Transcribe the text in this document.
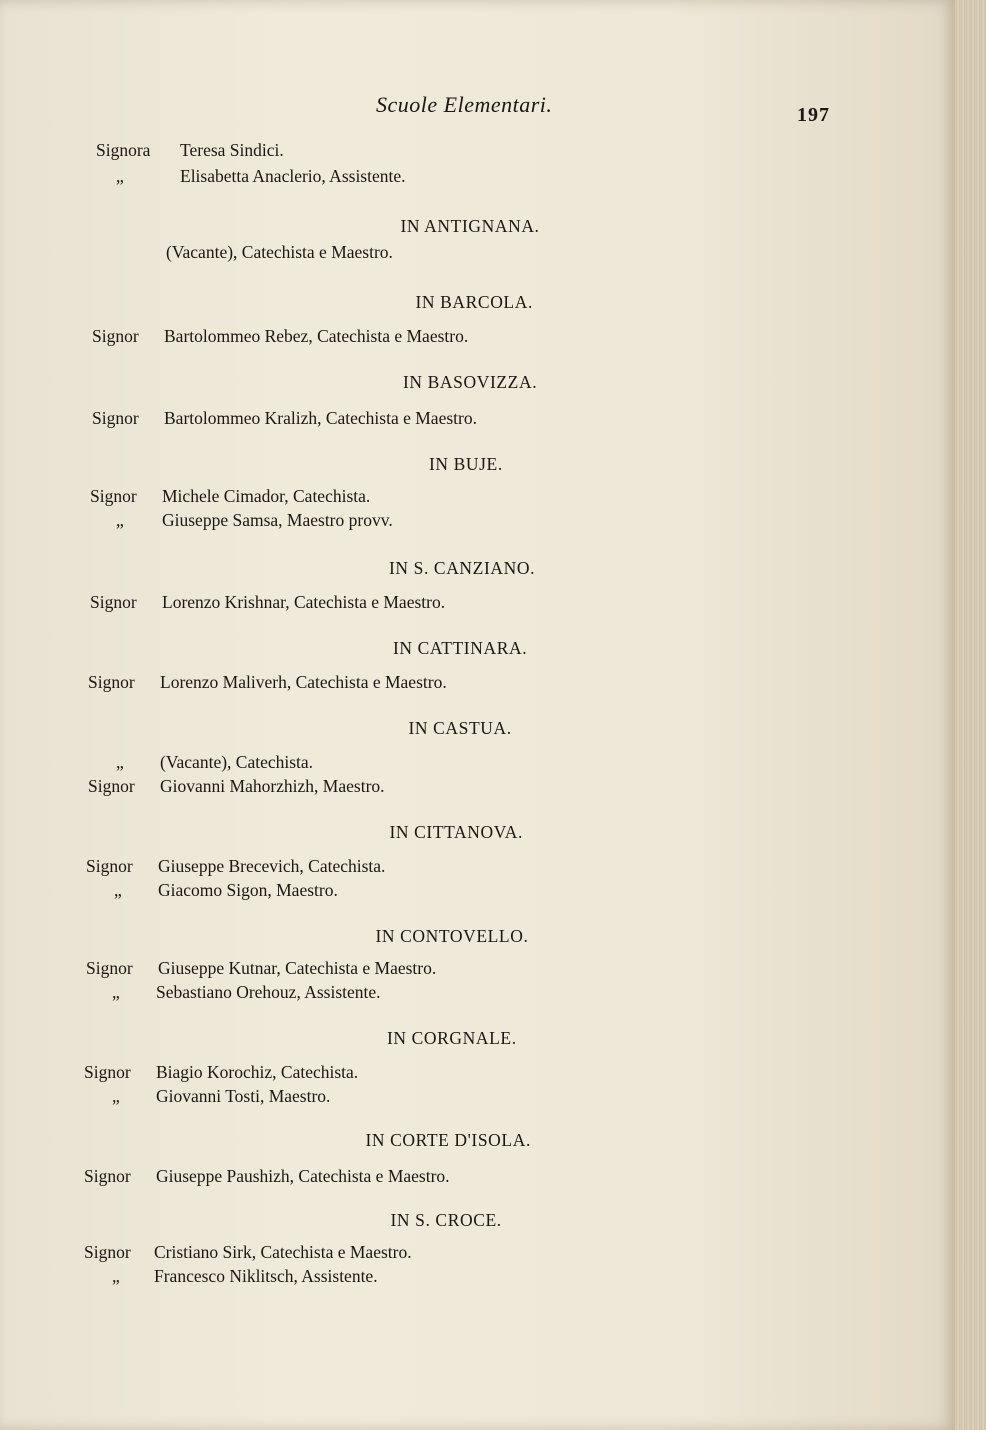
Scuole Elementari.	197
Signora Teresa Sindici.
„	Elisabetta Anaclerio, Assistente.
IN ANTIGNANA.
(Vacante), Catechista e Maestro.
IN BARCOLA.
Signor Bartolommeo Rebez, Catechista e Maestro.
IN BASOVIZZA.
Signor Bartolommeo Kralizh, Catechista e Maestro.
IN BUJE.
Signor Michele Cimador, Catechista.
„ Giuseppe Samsa, Maestro provv.
IN S. CANZIANO.
Signor Lorenzo Krishnar, Catechista e Maestro.
IN CATTINARA.
Signor Lorenzo Maliverh, Catechista e Maestro.
IN CASTUA.
„ (Vacante), Catechista.
Signor Giovanni Mahorzhizh, Maestro.
IN CITTANOVA.
Signor Giuseppe Brecevich, Catechista.
„ Giacomo Sigon, Maestro.
IN CONTOVELLO.
Signor Giuseppe Kutnar, Catechista e Maestro.
„ Sebastiano Orehouz, Assistente.
IN CORGNALE.
Signor Biagio Korochiz, Catechista.
„ Giovanni Tosti, Maestro.
IN CORTE D'ISOLA.
Signor Giuseppe Paushizh, Catechista e Maestro.
IN S. CROCE.
Signor Cristiano Sirk, Catechista e Maestro.
„ Francesco Niklitsch, Assistente.
